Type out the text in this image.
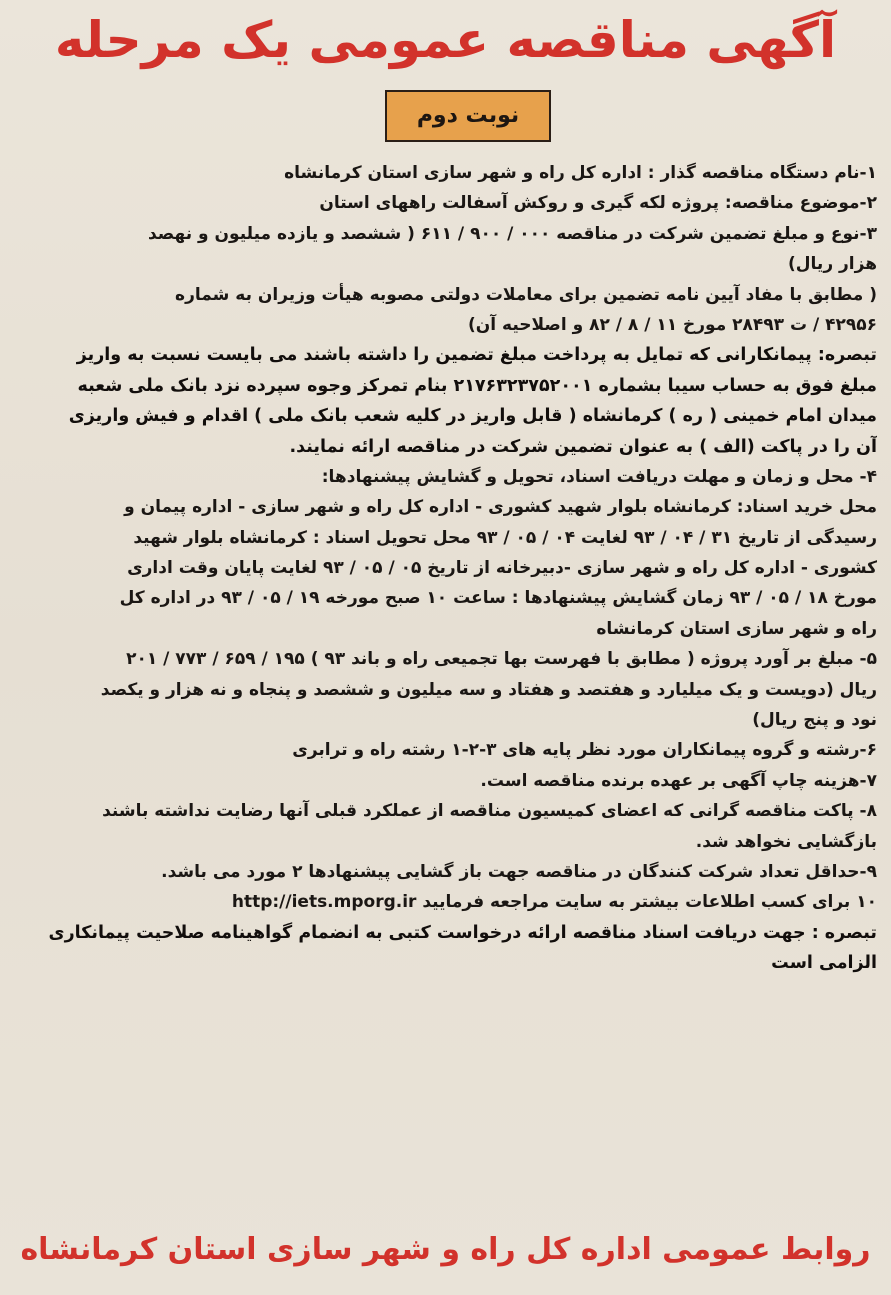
آگهی مناقصه عمومی یک مرحله
نوبت دوم
۱-نام دستگاه مناقصه گذار : اداره کل راه و شهر سازی استان کرمانشاه
۲-موضوع مناقصه: پروژه لکه گیری و روکش آسفالت راههای استان
۳-نوع و مبلغ تضمین شرکت در مناقصه ۰۰۰ / ۹۰۰ / ۶۱۱ ( ششصد و یازده میلیون و نهصد
هزار ریال)
( مطابق با مفاد آیین نامه تضمین برای معاملات دولتی مصوبه هیأت وزیران به شماره
۴۲۹۵۶ / ت ۲۸۴۹۳ مورخ ۱۱ / ۸ / ۸۲ و اصلاحیه آن)
تبصره: پیمانکارانی که تمایل به پرداخت مبلغ تضمین را داشته باشند می بایست نسبت به واریز
مبلغ فوق به حساب سیبا بشماره ۲۱۷۶۳۲۳۷۵۲۰۰۱ بنام تمرکز وجوه سپرده نزد بانک ملی شعبه
میدان امام خمینی ( ره ) کرمانشاه ( قابل واریز در کلیه شعب بانک ملی ) اقدام و فیش واریزی
آن را در پاکت (الف ) به عنوان تضمین شرکت در مناقصه ارائه نمایند.
۴- محل و زمان و مهلت دریافت اسناد، تحویل و گشایش پیشنهادها:
محل خرید اسناد: کرمانشاه بلوار شهید کشوری - اداره کل راه و شهر سازی - اداره پیمان و
رسیدگی از تاریخ ۳۱ / ۰۴ / ۹۳ لغایت ۰۴ / ۰۵ / ۹۳ محل تحویل اسناد : کرمانشاه بلوار شهید
کشوری - اداره کل راه و شهر سازی -دبیرخانه از تاریخ ۰۵ / ۰۵ / ۹۳ لغایت پایان وقت اداری
مورخ ۱۸ / ۰۵ / ۹۳ زمان گشایش پیشنهادها : ساعت ۱۰ صبح مورخه ۱۹ / ۰۵ / ۹۳ در اداره کل
راه و شهر سازی استان کرمانشاه
۵- مبلغ بر آورد پروژه ( مطابق با فهرست بها تجمیعی راه و باند ۹۳ ) ۱۹۵ / ۶۵۹ / ۷۷۳ / ۲۰۱
ریال (دویست و یک میلیارد و هفتصد و هفتاد و سه میلیون و ششصد و پنجاه و نه هزار و یکصد
نود و پنج ریال)
۶-رشته و گروه پیمانکاران مورد نظر پایه های ۳-۲-۱ رشته راه و ترابری
۷-هزینه چاپ آگهی بر عهده برنده مناقصه است.
۸- پاکت مناقصه گرانی که اعضای کمیسیون مناقصه از عملکرد قبلی آنها رضایت نداشته باشند
بازگشایی نخواهد شد.
۹-حداقل تعداد شرکت کنندگان در مناقصه جهت باز گشایی پیشنهادها ۲ مورد می باشد.
۱۰ برای کسب اطلاعات بیشتر به سایت مراجعه فرمایید http://iets.mporg.ir
تبصره : جهت دریافت اسناد مناقصه ارائه درخواست کتبی به انضمام گواهینامه صلاحیت پیمانکاری
الزامی است
روابط عمومی اداره کل راه و شهر سازی استان کرمانشاه
